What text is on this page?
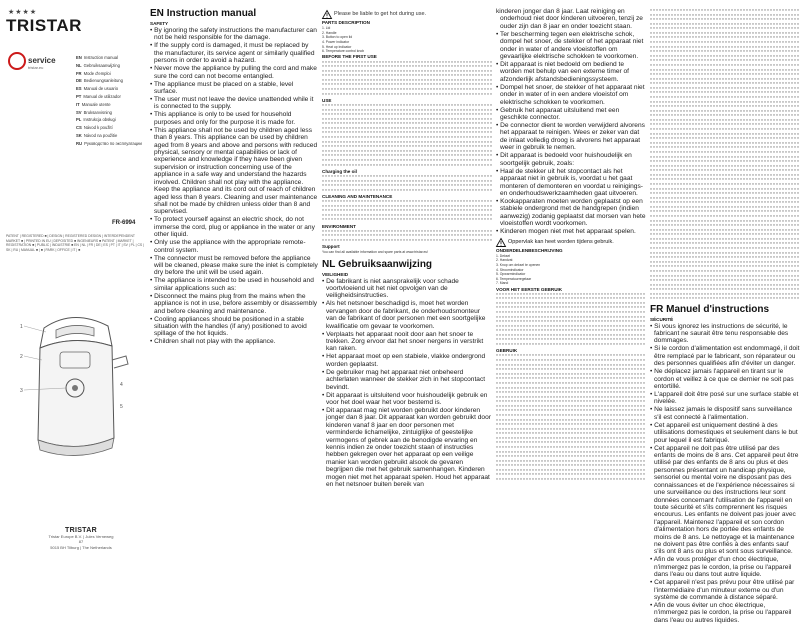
★★★★
TRISTAR
service
tristar.eu
EN Instruction manual
NL Gebruiksaanwijzing
FR Mode d'emploi
DE Bedienungsanleitung
ES Manual de usuario
PT Manual de utilizador
IT Manuale utente
SV Bruksanvisning
PL Instrukcja obsługi
CS Návod k použití
SK Návod na použitie
RU Руководство по эксплуатации
FR-6994
PATENT | REGISTERED ■ | DESIGN | REGISTERED DESIGN | INTERDEPENDENT MARKET ■ | PRINTED IN EU | DEPOSITED ■ INGENIEURS ■ PATENT | MARKET | REGISTRATION ■ | PUBLIC | INDUSTRIE ■ EN | NL | FR | DE | ES | PT | IT | SV | PL | CS | SK | RU | MANUAL ■ | ■ | PARK | OFFICE | IT | ■
1
2
3
4
5
TRISTAR
Tristar Europe B.V. | Jules Verneweg 87
5015 BH Tilburg | The Netherlands
EN Instruction manual
SAFETY

• By ignoring the safety instructions the manufacturer can not be held responsible for the damage.

• If the supply cord is damaged, it must be replaced by the manufacturer, its service agent or similarly qualified persons in order to avoid a hazard.

• Never move the appliance by pulling the cord and make sure the cord can not become entangled.

• The appliance must be placed on a stable, level surface.

• The user must not leave the device unattended while it is connected to the supply.

• This appliance is only to be used for household purposes and only for the purpose it is made for.

• This appliance shall not be used by children aged less than 8 years. This appliance can be used by children aged from 8 years and above and persons with reduced physical, sensory or mental capabilities or lack of experience and knowledge if they have been given supervision or instruction concerning use of the appliance in a safe way and understand the hazards involved. Children shall not play with the appliance. Keep the appliance and its cord out of reach of children aged less than 8 years. Cleaning and user maintenance shall not be made by children unless older than 8 and supervised.

• To protect yourself against an electric shock, do not immerse the cord, plug or appliance in the water or any other liquid.

• Only use the appliance with the appropriate remote-control system.

• The connector must be removed before the appliance will be cleaned, please make sure the inlet is completely dry before the unit will be used again.

• The appliance is intended to be used in household and similar applications such as:

• Disconnect the mains plug from the mains when the appliance is not in use, before assembly or disassembly and before cleaning and maintenance.

• Cooling appliances should be positioned in a stable situation with the handles (if any) positioned to avoid spillage of the hot liquids.

• Children shall not play with the appliance.

Please be liable to get hot during use.
PARTS DESCRIPTION

1. Lid

2. Handle

3. Button to open lid

4. Power indicator

5. Heat up indicator

6. Temperature control knob

BEFORE THE FIRST USE
USE
Charging the oil
CLEANING AND MAINTENANCE
ENVIRONMENT
Support

You can find all available information and spare parts at www.tristar.eu!

NL Gebruiksaanwijzing
VEILIGHEID

• De fabrikant is niet aansprakelijk voor schade voortvloeiend uit het niet opvolgen van de veiligheidsinstructies.

• Als het netsnoer beschadigd is, moet het worden vervangen door de fabrikant, de onderhoudsmonteur van de fabrikant of door personen met een soortgelijke kwalificatie om gevaar te voorkomen.

• Verplaats het apparaat nooit door aan het snoer te trekken. Zorg ervoor dat het snoer nergens in verstrikt kan raken.

• Het apparaat moet op een stabiele, vlakke ondergrond worden geplaatst.

• De gebruiker mag het apparaat niet onbeheerd achterlaten wanneer de stekker zich in het stopcontact bevindt.

• Dit apparaat is uitsluitend voor huishoudelijk gebruik en voor het doel waar het voor bestemd is.

• Dit apparaat mag niet worden gebruikt door kinderen jonger dan 8 jaar. Dit apparaat kan worden gebruikt door kinderen vanaf 8 jaar en door personen met verminderde lichamelijke, zintuiglijke of geestelijke vermogens of gebrek aan de benodigde ervaring en kennis indien ze onder toezicht staan of instructies hebben gekregen over het apparaat op een veilige manier kan worden gebruikt alsook de gevaren begrijpen die met het gebruik samenhangen. Kinderen mogen niet met het apparaat spelen. Houd het apparaat en het netsnoer buiten bereik van

kinderen jonger dan 8 jaar. Laat reiniging en onderhoud niet door kinderen uitvoeren, tenzij ze ouder zijn dan 8 jaar en onder toezicht staan.

• Ter bescherming tegen een elektrische schok, dompel het snoer, de stekker of het apparaat niet onder in water of andere vloeistoffen om gevaarlijke elektrische schokken te voorkomen.

• Dit apparaat is niet bedoeld om bediend te worden met behulp van een externe timer of afzonderlijk afstandsbedieningssysteem.

• Dompel het snoer, de stekker of het apparaat niet onder in water of in een andere vloeistof om elektrische schokken te voorkomen.

• Gebruik het apparaat uitsluitend met een geschikte connector.

• De connector dient te worden verwijderd alvorens het apparaat te reinigen. Wees er zeker van dat de inlaat volledig droog is alvorens het apparaat weer in gebruik te nemen.

• Dit apparaat is bedoeld voor huishoudelijk en soortgelijk gebruik, zoals:

• Haal de stekker uit het stopcontact als het apparaat niet in gebruik is, voordat u het gaat monteren of demonteren en voordat u reinigings- en onderhoudswerkzaamheden gaat uitvoeren.

• Kookapparaten moeten worden geplaatst op een stabiele ondergrond met de handgrepen (indien aanwezig) zodanig geplaatst dat morsen van hete vloeistoffen wordt voorkomen.

• Kinderen mogen niet met het apparaat spelen.

Oppervlak kan heet worden tijdens gebruik.
ONDERDELENBESCHRIJVING

1. Deksel

2. Handvat

3. Knop om deksel te openen

4. Stroomindicator

5. Opwarmindicator

6. Temperatuurregelaar

7. Mand

VOOR HET EERSTE GEBRUIK
GEBRUIK
FR Manuel d'instructions
SÉCURITÉ

• Si vous ignorez les instructions de sécurité, le fabricant ne saurait être tenu responsable des dommages.

• Si le cordon d'alimentation est endommagé, il doit être remplacé par le fabricant, son réparateur ou des personnes qualifiées afin d'éviter un danger.

• Ne déplacez jamais l'appareil en tirant sur le cordon et veillez à ce que ce dernier ne soit pas entortillé.

• L'appareil doit être posé sur une surface stable et nivelée.

• Ne laissez jamais le dispositif sans surveillance s'il est connecté à l'alimentation.

• Cet appareil est uniquement destiné à des utilisations domestiques et seulement dans le but pour lequel il est fabriqué.

• Cet appareil ne doit pas être utilisé par des enfants de moins de 8 ans. Cet appareil peut être utilisé par des enfants de 8 ans ou plus et des personnes présentant un handicap physique, sensoriel ou mental voire ne disposant pas des connaissances et de l'expérience nécessaires si une surveillance ou des instructions leur sont données concernant l'utilisation de l'appareil en toute sécurité et s'ils comprennent les risques encourus. Les enfants ne doivent pas jouer avec l'appareil. Maintenez l'appareil et son cordon d'alimentation hors de portée des enfants de moins de 8 ans. Le nettoyage et la maintenance ne doivent pas être confiés à des enfants sauf s'ils ont 8 ans ou plus et sont sous surveillance.

• Afin de vous protéger d'un choc électrique, n'immergez pas le cordon, la prise ou l'appareil dans l'eau ou dans tout autre liquide.

• Cet appareil n'est pas prévu pour être utilisé par l'intermédiaire d'un minuteur externe ou d'un système de commande à distance séparé.

• Afin de vous éviter un choc électrique, n'immergez pas le cordon, la prise ou l'appareil dans l'eau ou autres liquides.
